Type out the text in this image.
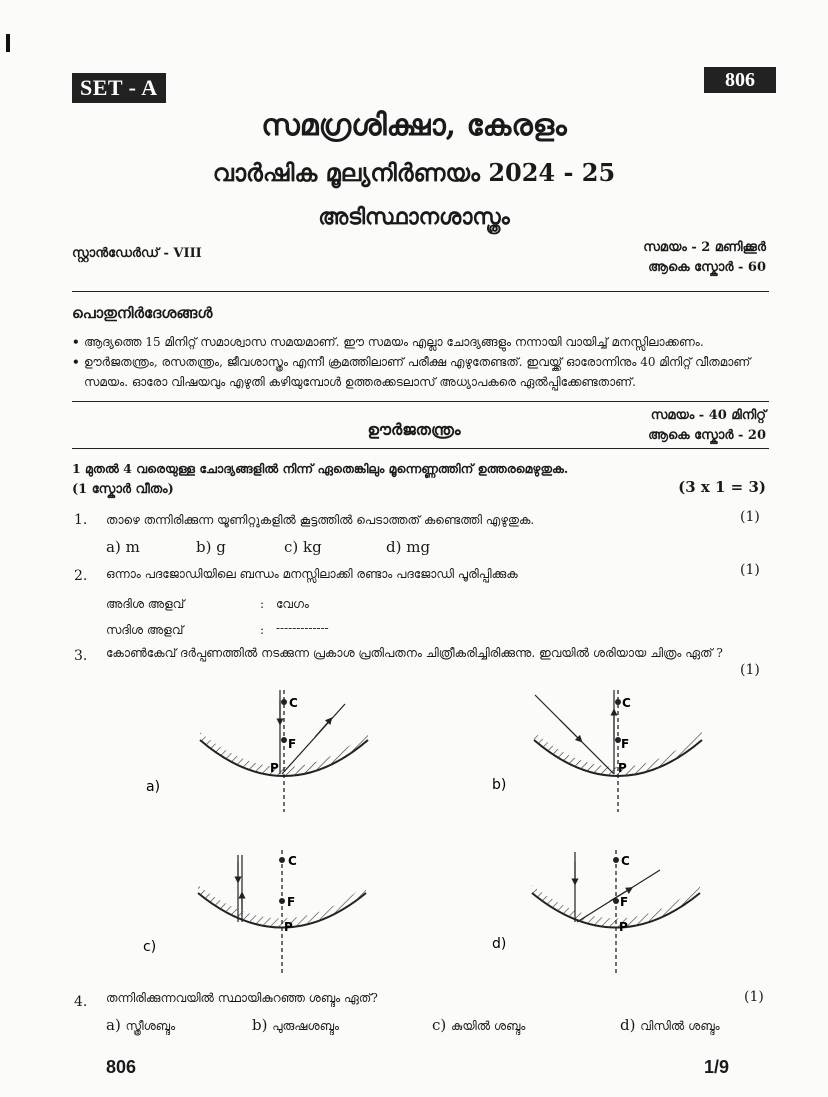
SET - A	806
സമഗ്രശിക്ഷാ, കേരളം
വാർഷിക മൂല്യനിർണയം 2024 - 25
അടിസ്ഥാനശാസ്ത്രം
സ്റ്റാൻഡേർഡ് - VIII	സമയം - 2 മണിക്കൂർ
ആകെ സ്കോർ - 60
പൊതുനിർദേശങ്ങൾ
• ആദ്യത്തെ 15 മിനിറ്റ് സമാശ്വാസ സമയമാണ്. ഈ സമയം എല്ലാ ചോദ്യങ്ങളും നന്നായി വായിച്ച് മനസ്സിലാക്കണം.
• ഊർജതന്ത്രം, രസതന്ത്രം, ജീവശാസ്ത്രം എന്നീ ക്രമത്തിലാണ് പരീക്ഷ എഴുതേണ്ടത്. ഇവയ്ക്ക് ഓരോന്നിനും 40 മിനിറ്റ് വീതമാണ് സമയം. ഓരോ വിഷയവും എഴുതി കഴിയുമ്പോൾ ഉത്തരക്കടലാസ് അധ്യാപകരെ ഏൽപ്പിക്കേണ്ടതാണ്.
ഊർജതന്ത്രം
സമയം - 40 മിനിറ്റ്
ആകെ സ്കോർ - 20
1 മുതൽ 4 വരെയുള്ള ചോദ്യങ്ങളിൽ നിന്ന് ഏതെങ്കിലും മൂന്നെണ്ണത്തിന് ഉത്തരമെഴുതുക.
(1 സ്കോർ വീതം)	(3 x 1 = 3)
1. താഴെ തന്നിരിക്കുന്ന യൂണിറ്റുകളിൽ കൂട്ടത്തിൽ പെടാത്തത് കണ്ടെത്തി എഴുതുക.	(1)
a) m	b) g	c) kg	d) mg
2. ഒന്നാം പദജോഡിയിലെ ബന്ധം മനസ്സിലാക്കി രണ്ടാം പദജോഡി പൂരിപ്പിക്കുക	(1)
അദിശ അളവ്	: വേഗം
സദിശ അളവ്	: -------------
3. കോൺകേവ് ദർപ്പണത്തിൽ നടക്കുന്ന പ്രകാശ പ്രതിപതനം ചിത്രീകരിച്ചിരിക്കുന്നു. ഇവയിൽ ശരിയായ ചിത്രം ഏത് ?
(1)
C
F
P
a)
C
F
P
b)
C
F
P
c)
C
F
P
d)
4. തന്നിരിക്കുന്നവയിൽ സ്ഥായികുറഞ്ഞ ശബ്ദം ഏത്?	(1)
a) സ്ത്രീശബ്ദം	b) പുരുഷശബ്ദം	c) കുയിൽ ശബ്ദം	d) വിസിൽ ശബ്ദം
806	1/9
